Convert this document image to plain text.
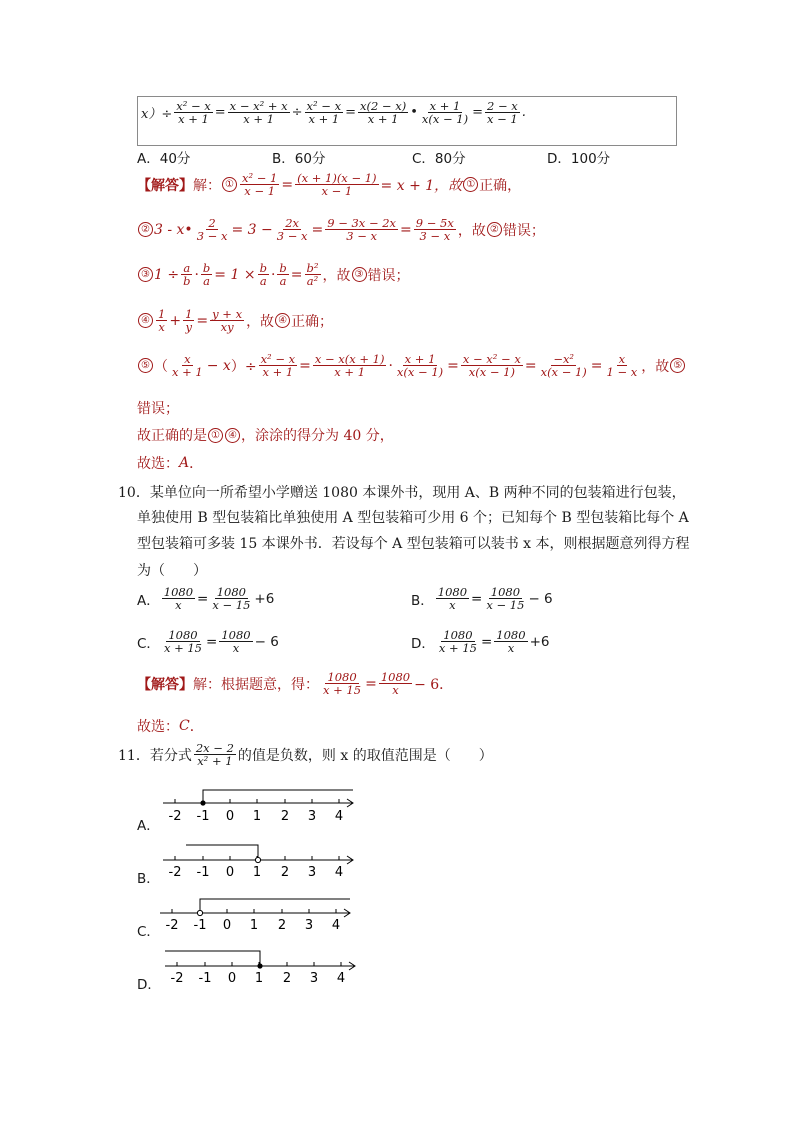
$x)\div \frac{\text{x² − x}}{x + 1} = \frac{\text{x − x² + x}}{x + 1} \div \frac{\text{x² − x}}{x + 1} = \frac{x(2 - x)}{x + 1}$ • $\frac{x + 1}{x(x - 1)} = \frac{2 - x}{x - 1}$ .
A．40分	B．60分	C．80分	D．100分
【解答】 解： ① $\frac{\text{x² − 1}}{x - 1} = \frac{(x + 1)(x - 1)}{x - 1} = x + 1$，故 ① 正确，
② 3 - x• $\frac{2}{3 - x} = 3 - \frac{2x}{3 - x} = \frac{9 - 3x - 2x}{3 - x} = \frac{9 - 5x}{3 - x}$ ，故 ② 错误；
③ $1 \div \frac{a}{b} \cdot \frac{b}{a} = 1 \times \frac{b}{a} \cdot \frac{b}{a} = \frac{\text{b²}}{\text{a²}}$ ，故 ③ 错误；
④ $\frac{1}{x} + \frac{1}{y} = \frac{y + x}{xy}$ ，故 ④ 正确；
⑤ （ $\frac{x}{x + 1} - x$ ）÷ $\frac{\text{x² − x}}{x + 1} = \frac{x - x(x + 1)}{x + 1} \cdot \frac{x + 1}{x(x - 1)} = \frac{\text{x − x² − x}}{x(x - 1)} = \frac{\text{−x²}}{x(x - 1)} = \frac{x}{1 - x}$ ，故 ⑤
错误；
故正确的是 ① ④ ，涂涂的得分为 40 分，
故选： A ．
10．某单位向一所希望小学赠送 1080 本课外书，现用 A、B 两种不同的包装箱进行包装，
单独使用 B 型包装箱比单独使用 A 型包装箱可少用 6 个；已知每个 B 型包装箱比每个 A
型包装箱可多装 15 本课外书．若设每个 A 型包装箱可以装书 x 本，则根据题意列得方程
为（　　）
A． $\frac{1080}{x} = \frac{1080}{x - 15} +6$	B． $\frac{1080}{x} = \frac{1080}{x - 15} - 6$
C． $\frac{1080}{x + 15} = \frac{1080}{x} - 6$	D． $\frac{1080}{x + 15} = \frac{1080}{x} +6$
【解答】 解：根据题意，得： $\frac{1080}{x + 15} = \frac{1080}{x} - 6$．
故选： C ．
11．若分式 $\frac{2x - 2}{\text{x² + 1}}$ 的值是负数，则 x 的取值范围是（　　）
A．
B．
C．
D．
-2 -1 0 1 2 3 4
-2 -1 0 1 2 3 4
-2 -1 0 1 2 3 4
-2 -1 0 1 2 3 4
